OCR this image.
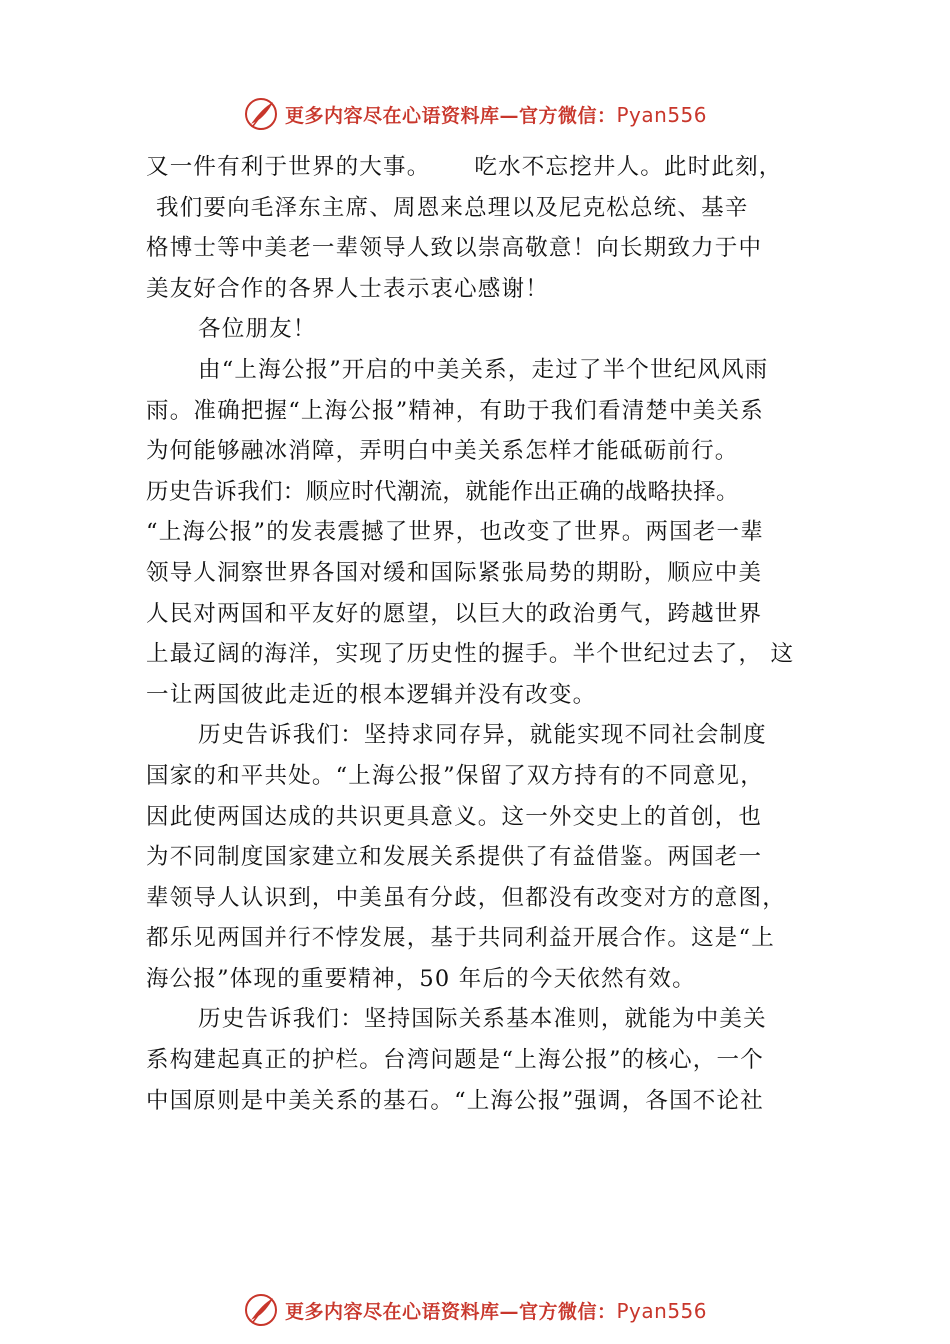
更多内容尽在心语资料库—官方微信：Pyan556
又一件有利于世界的大事。 吃水不忘挖井人。此时此刻，
我们要向毛泽东主席、周恩来总理以及尼克松总统、基辛
格博士等中美老一辈领导人致以崇高敬意！向长期致力于中
美友好合作的各界人士表示衷心感谢！
各位朋友！
由“上海公报”开启的中美关系，走过了半个世纪风风雨
雨。准确把握“上海公报”精神，有助于我们看清楚中美关系
为何能够融冰消障，弄明白中美关系怎样才能砥砺前行。
历史告诉我们：顺应时代潮流，就能作出正确的战略抉择。
“上海公报”的发表震撼了世界，也改变了世界。两国老一辈
领导人洞察世界各国对缓和国际紧张局势的期盼，顺应中美
人民对两国和平友好的愿望，以巨大的政治勇气，跨越世界
上最辽阔的海洋，实现了历史性的握手。半个世纪过去了， 这
一让两国彼此走近的根本逻辑并没有改变。
历史告诉我们：坚持求同存异，就能实现不同社会制度
国家的和平共处。“上海公报”保留了双方持有的不同意见，
因此使两国达成的共识更具意义。这一外交史上的首创，也
为不同制度国家建立和发展关系提供了有益借鉴。两国老一
辈领导人认识到，中美虽有分歧，但都没有改变对方的意图，
都乐见两国并行不悖发展，基于共同利益开展合作。这是“上
海公报”体现的重要精神，50 年后的今天依然有效。
历史告诉我们：坚持国际关系基本准则，就能为中美关
系构建起真正的护栏。台湾问题是“上海公报”的核心，一个
中国原则是中美关系的基石。“上海公报”强调，各国不论社
更多内容尽在心语资料库—官方微信：Pyan556
